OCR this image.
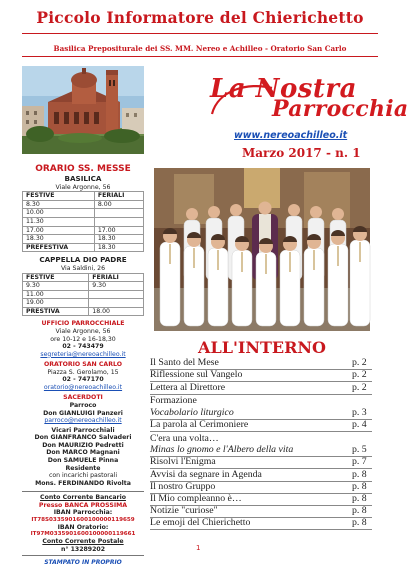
Piccolo Informatore del Chierichetto
Basilica Prepositurale dei SS. MM. Nereo e Achilleo - Oratorio San Carlo
La Nostra
Parrocchia
www.nereoachilleo.it
Marzo 2017 - n. 1
ORARIO SS. MESSE
BASILICA
Viale Argonne, 56
FESTIVE	FERIALI
8.30	8.00
10.00	
11.30	
17.00	17.00
18.30	18.30
PREFESTIVA	18.30
CAPPELLA DIO PADRE
Via Saldini, 26
FESTIVE	FERIALI
9.30	9.30
11.00	
19.00	
PRESTIVA	18.00
UFFICIO PARROCCHIALE
Viale Argonne, 56
ore 10-12 e 16-18,30
02 - 743479
segreteria@nereoachilleo.it
ORATORIO SAN CARLO
Piazza S. Gerolamo, 15
02 - 747170
oratorio@nereoachilleo.it
SACERDOTI
Parroco
Don GIANLUIGI Panzeri
parroco@nereoachilleo.it
Vicari Parrocchiali
Don GIANFRANCO Salvaderi
Don MAURIZIO Pedretti
Don MARCO Magnani
Don SAMUELE Pinna
Residente
con incarichi pastorali
Mons. FERDINANDO Rivolta
Conto Corrente Bancario
Presso BANCA PROSSIMA
IBAN Parrocchia:
IT78S0335901600100000119659
IBAN Oratorio:
IT97M0335901600100000119661
Conto Corrente Postale
n° 13289202
STAMPATO IN PROPRIO
ALL'INTERNO
Il Santo del Mese	p. 2
Riflessione sul Vangelo	p. 2
Lettera al Direttore	p. 2
Formazione
Vocabolario liturgico	p. 3
La parola al Cerimoniere	p. 4
C'era una volta…
Minas lo gnomo e l'Albero della vita	p. 5
Risolvi l'Enigma	p. 7
Avvisi da segnare in Agenda	p. 8
Il nostro Gruppo	p. 8
Il Mio compleanno è…	p. 8
Notizie "curiose"	p. 8
Le emoji del Chierichetto	p. 8
1
